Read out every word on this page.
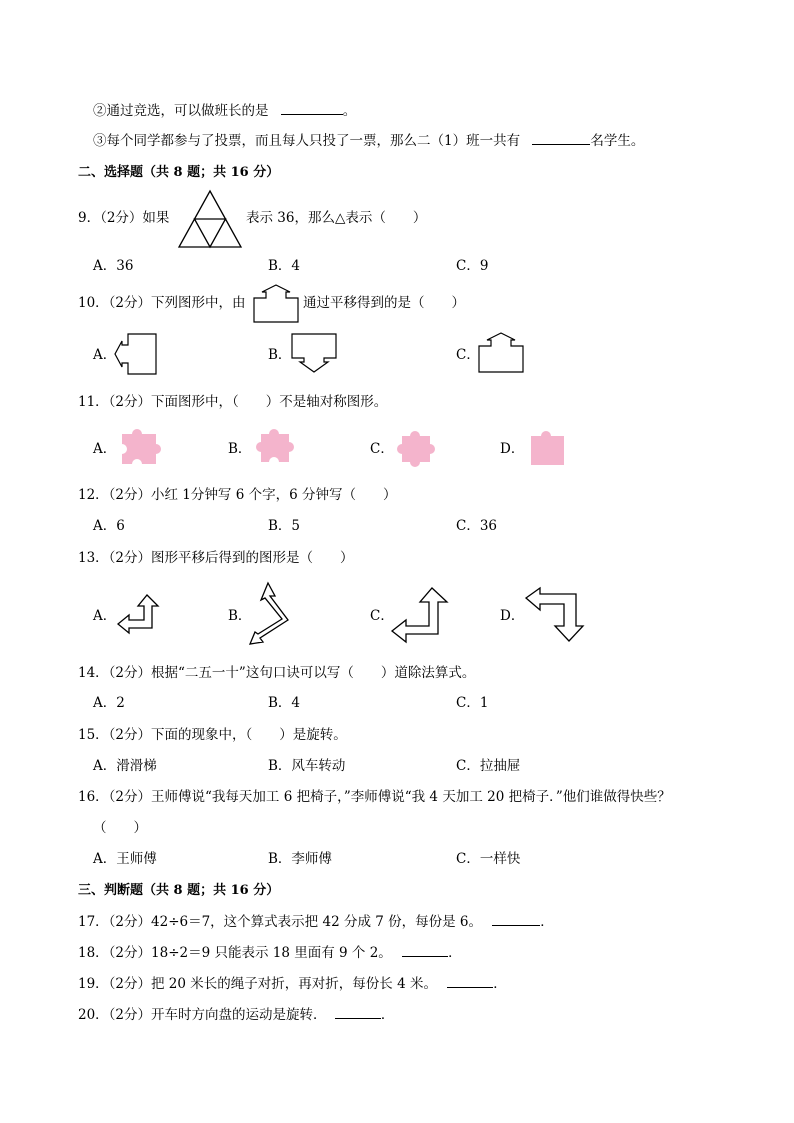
②通过竞选，可以做班长的是	。
③每个同学都参与了投票，而且每人只投了一票，那么二（1）班一共有	名学生。
二、选择题（共 8 题；共 16 分）
9．（2分）如果	表示 36，那么△表示（　　）
A．36	B．4	C．9
10．（2分）下列图形中，由	通过平移得到的是（　　）
A．	B．	C．
11．（2分）下面图形中，（　　）不是轴对称图形。
A．	B．	C．	D．
12．（2分）小红 1分钟写 6 个字，6 分钟写（　　）
A．6	B．5	C．36
13．（2分）图形平移后得到的图形是（　　）
A．	B．	C．	D．
14．（2分）根据“二五一十”这句口诀可以写（　　）道除法算式。
A．2	B．4	C．1
15．（2分）下面的现象中，（　　）是旋转。
A．滑滑梯	B．风车转动	C．拉抽屉
16．（2分）王师傅说“我每天加工 6 把椅子，”李师傅说“我 4 天加工 20 把椅子．”他们谁做得快些？
（　　）
A．王师傅	B．李师傅	C．一样快
三、判断题（共 8 题；共 16 分）
17．（2分）42÷6＝7，这个算式表示把 42 分成 7 份，每份是 6。	．
18．（2分）18÷2＝9 只能表示 18 里面有 9 个 2。	．
19．（2分）把 20 米长的绳子对折，再对折，每份长 4 米。	．
20．（2分）开车时方向盘的运动是旋转．	．
